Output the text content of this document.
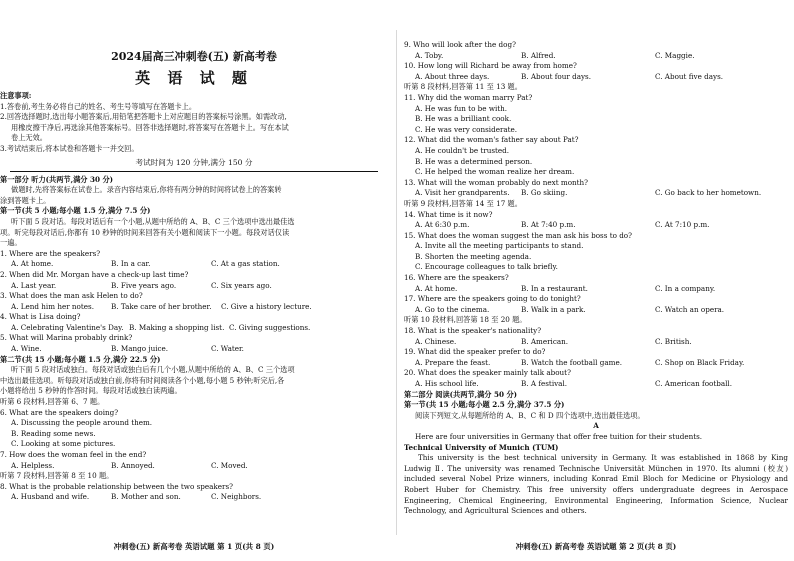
2024届高三冲刺卷(五) 新高考卷
英 语 试 题
注意事项:
1.答卷前,考生务必将自己的姓名、考生号等填写在答题卡上。
2.回答选择题时,选出每小题答案后,用铅笔把答题卡上对应题目的答案标号涂黑。如需改动,
用橡皮擦干净后,再选涂其他答案标号。回答非选择题时,将答案写在答题卡上。写在本试
卷上无效。
3.考试结束后,将本试卷和答题卡一并交回。
考试时间为 120 分钟,满分 150 分
第一部分 听力(共两节,满分 30 分)
做题时,先将答案标在试卷上。录音内容结束后,你将有两分钟的时间将试卷上的答案转
涂到答题卡上。
第一节(共 5 小题;每小题 1.5 分,满分 7.5 分)
听下面 5 段对话。每段对话后有一个小题,从题中所给的 A、B、C 三个选项中选出最佳选
项。听完每段对话后,你都有 10 秒钟的时间来回答有关小题和阅读下一小题。每段对话仅读
一遍。
1. Where are the speakers?
A. At home.	B. In a car.	C. At a gas station.
2. When did Mr. Morgan have a check-up last time?
A. Last year.	B. Five years ago.	C. Six years ago.
3. What does the man ask Helen to do?
A. Lend him her notes.	B. Take care of her brother.	C. Give a history lecture.
4. What is Lisa doing?
A. Celebrating Valentine's Day. B. Making a shopping list. C. Giving suggestions.
5. What will Marina probably drink?
A. Wine.	B. Mango juice.	C. Water.
第二节(共 15 小题;每小题 1.5 分,满分 22.5 分)
听下面 5 段对话或独白。每段对话或独白后有几个小题,从题中所给的 A、B、C 三个选项
中选出最佳选项。听每段对话或独白前,你将有时间阅读各个小题,每小题 5 秒钟;听完后,各
小题将给出 5 秒钟的作答时间。每段对话或独白读两遍。
听第 6 段材料,回答第 6、7 题。
6. What are the speakers doing?
A. Discussing the people around them.
B. Reading some news.
C. Looking at some pictures.
7. How does the woman feel in the end?
A. Helpless.	B. Annoyed.	C. Moved.
听第 7 段材料,回答第 8 至 10 题。
8. What is the probable relationship between the two speakers?
A. Husband and wife.	B. Mother and son.	C. Neighbors.
冲刺卷(五) 新高考卷 英语试题 第 1 页(共 8 页)
9. Who will look after the dog?
A. Toby.	B. Alfred.	C. Maggie.
10. How long will Richard be away from home?
A. About three days.	B. About four days.	C. About five days.
听第 8 段材料,回答第 11 至 13 题。
11. Why did the woman marry Pat?
A. He was fun to be with.
B. He was a brilliant cook.
C. He was very considerate.
12. What did the woman's father say about Pat?
A. He couldn't be trusted.
B. He was a determined person.
C. He helped the woman realize her dream.
13. What will the woman probably do next month?
A. Visit her grandparents.	B. Go skiing.	C. Go back to her hometown.
听第 9 段材料,回答第 14 至 17 题。
14. What time is it now?
A. At 6:30 p.m.	B. At 7:40 p.m.	C. At 7:10 p.m.
15. What does the woman suggest the man ask his boss to do?
A. Invite all the meeting participants to stand.
B. Shorten the meeting agenda.
C. Encourage colleagues to talk briefly.
16. Where are the speakers?
A. At home.	B. In a restaurant.	C. In a company.
17. Where are the speakers going to do tonight?
A. Go to the cinema.	B. Walk in a park.	C. Watch an opera.
听第 10 段材料,回答第 18 至 20 题。
18. What is the speaker's nationality?
A. Chinese.	B. American.	C. British.
19. What did the speaker prefer to do?
A. Prepare the feast.	B. Watch the football game.	C. Shop on Black Friday.
20. What does the speaker mainly talk about?
A. His school life.	B. A festival.	C. American football.
第二部分 阅读(共两节,满分 50 分)
第一节(共 15 小题;每小题 2.5 分,满分 37.5 分)
阅读下列短文,从每题所给的 A、B、C 和 D 四个选项中,选出最佳选项。
A
Here are four universities in Germany that offer free tuition for their students.
Technical University of Munich (TUM)
This university is the best technical university in Germany. It was established in 1868 by King Ludwig Ⅱ. The university was renamed Technische Universität München in 1970. Its alumni (校友) included several Nobel Prize winners, including Konrad Emil Bloch for Medicine or Physiology and Robert Huber for Chemistry. This free university offers undergraduate degrees in Aerospace Engineering, Chemical Engineering, Environmental Engineering, Information Science, Nuclear Technology, and Agricultural Sciences and others.
冲刺卷(五) 新高考卷 英语试题 第 2 页(共 8 页)
